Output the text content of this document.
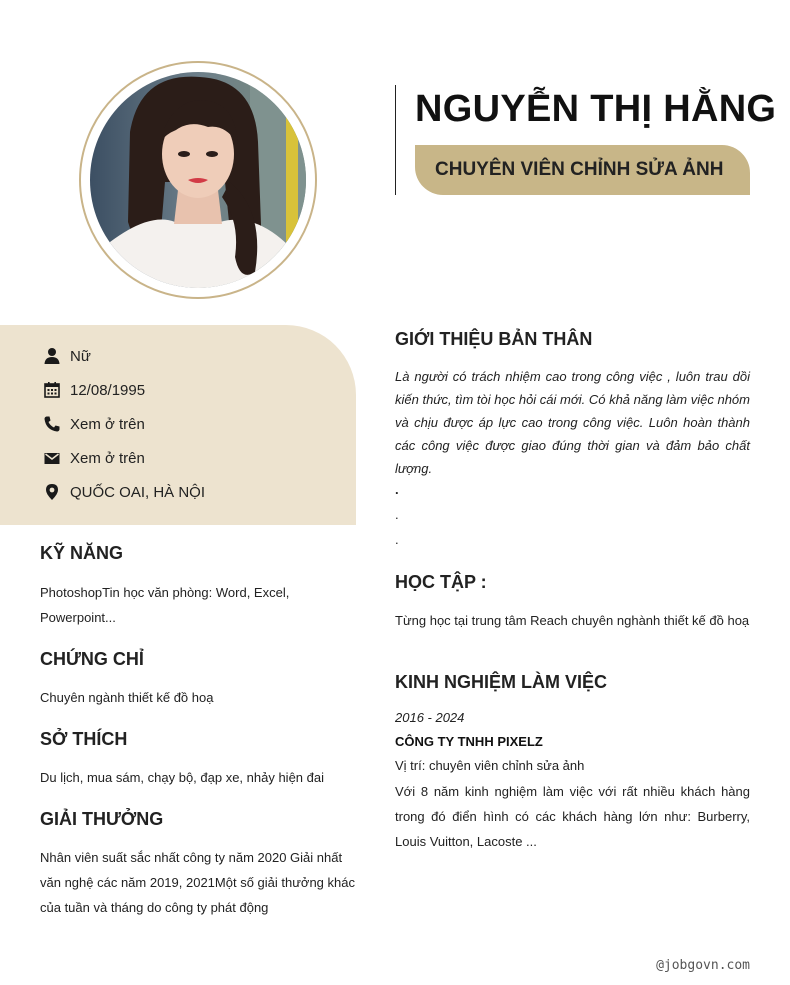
NGUYỄN THỊ HẰNG
CHUYÊN VIÊN CHỈNH SỬA ẢNH
Nữ
12/08/1995
Xem ở trên
Xem ở trên
QUỐC OAI, HÀ NỘI
KỸ NĂNG
PhotoshopTin học văn phòng: Word, Excel, Powerpoint...
CHỨNG CHỈ
Chuyên ngành thiết kế đồ hoạ
SỞ THÍCH
Du lịch, mua sám, chạy bộ, đạp xe, nhảy hiện đai
GIẢI THƯỞNG
Nhân viên suất sắc nhất công ty năm 2020 Giải nhất văn nghệ các năm 2019, 2021Một số giải thưởng khác của tuần và tháng do công ty phát động
GIỚI THIỆU BẢN THÂN
Là người có trách nhiệm cao trong công việc , luôn trau dồi kiến thức, tìm tòi học hỏi cái mới. Có khả năng làm việc nhóm và chịu được áp lực cao trong công việc. Luôn hoàn thành các công việc được giao đúng thời gian và đảm bảo chất lượng.
.
.
.
HỌC TẬP :
Từng học tại trung tâm Reach chuyên nghành thiết kế đồ hoạ
KINH NGHIỆM LÀM VIỆC
2016 - 2024
CÔNG TY TNHH PIXELZ
Vị trí: chuyên viên chỉnh sửa ảnh
Với 8 năm kinh nghiệm làm việc với rất nhiều khách hàng trong đó điển hình có các khách hàng lớn như: Burberry, Louis Vuitton, Lacoste ...
@jobgovn.com
